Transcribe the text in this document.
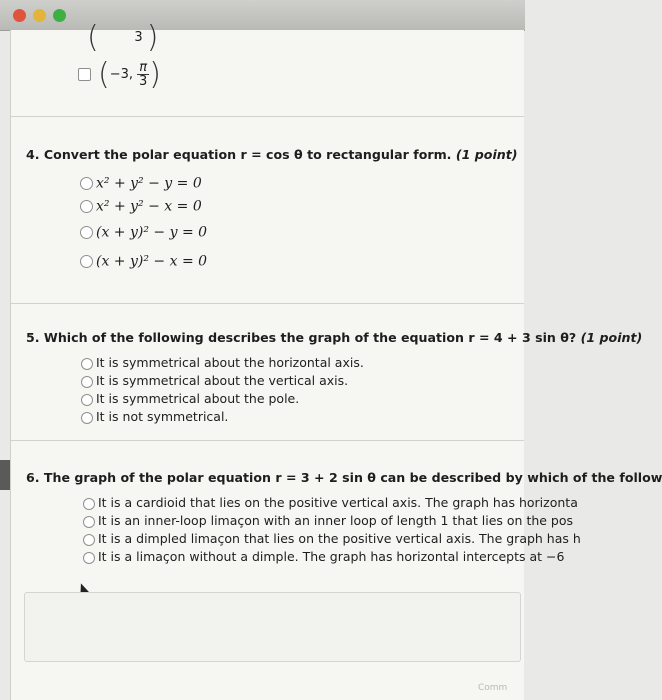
(	3 )
(−3, $\frac{\pi}{3}$ )
4. Convert the polar equation r = cos θ to rectangular form. (1 point)
x² + y² − y = 0
x² + y² − x = 0
(x + y)² − y = 0
(x + y)² − x = 0
5. Which of the following describes the graph of the equation r = 4 + 3 sin θ? (1 point)
It is symmetrical about the horizontal axis.
It is symmetrical about the vertical axis.
It is symmetrical about the pole.
It is not symmetrical.
6. The graph of the polar equation r = 3 + 2 sin θ can be described by which of the follow
It is a cardioid that lies on the positive vertical axis. The graph has horizonta
It is an inner-loop limaçon with an inner loop of length 1 that lies on the pos
It is a dimpled limaçon that lies on the positive vertical axis. The graph has h
It is a limaçon without a dimple. The graph has horizontal intercepts at −6
Comm
